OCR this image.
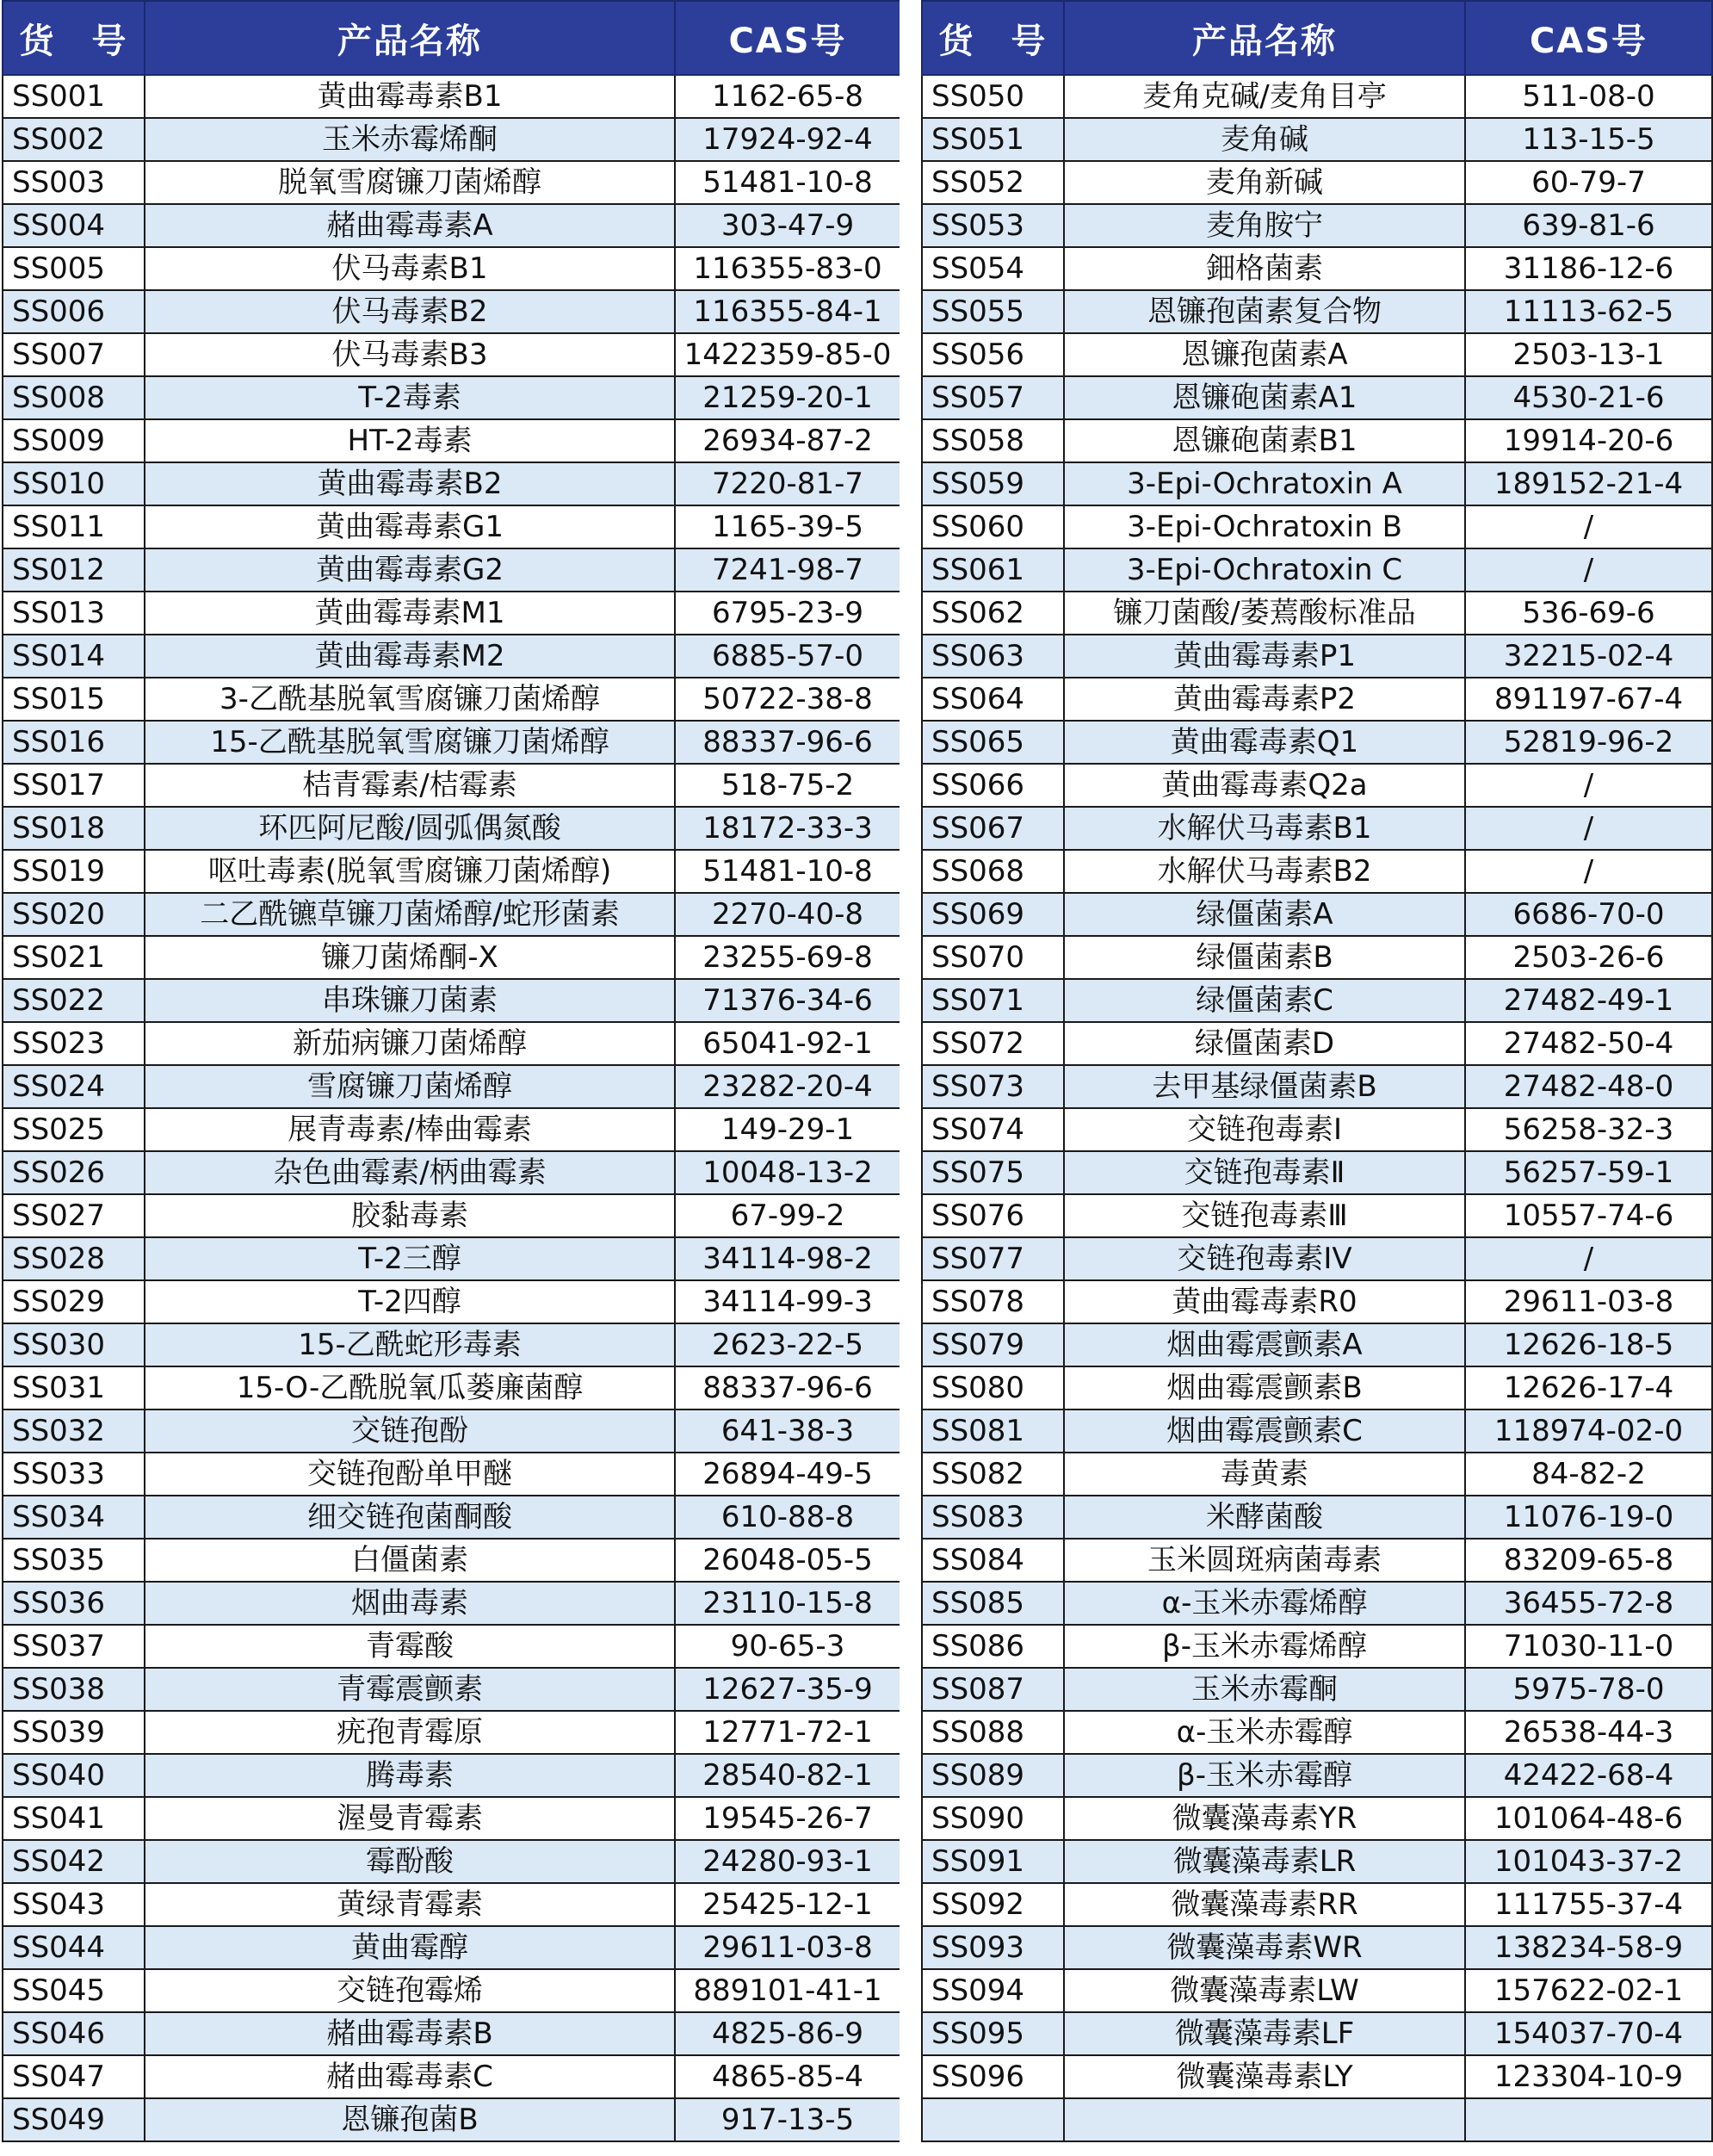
货　号	产品名称	CAS号
SS001	黄曲霉毒素B1	1162-65-8
SS002	玉米赤霉烯酮	17924-92-4
SS003	脱氧雪腐镰刀菌烯醇	51481-10-8
SS004	赭曲霉毒素A	303-47-9
SS005	伏马毒素B1	116355-83-0
SS006	伏马毒素B2	116355-84-1
SS007	伏马毒素B3	1422359-85-0
SS008	T-2毒素	21259-20-1
SS009	HT-2毒素	26934-87-2
SS010	黄曲霉毒素B2	7220-81-7
SS011	黄曲霉毒素G1	1165-39-5
SS012	黄曲霉毒素G2	7241-98-7
SS013	黄曲霉毒素M1	6795-23-9
SS014	黄曲霉毒素M2	6885-57-0
SS015	3-乙酰基脱氧雪腐镰刀菌烯醇	50722-38-8
SS016	15-乙酰基脱氧雪腐镰刀菌烯醇	88337-96-6
SS017	桔青霉素/桔霉素	518-75-2
SS018	环匹阿尼酸/圆弧偶氮酸	18172-33-3
SS019	呕吐毒素(脱氧雪腐镰刀菌烯醇)	51481-10-8
SS020	二乙酰镳草镰刀菌烯醇/蛇形菌素	2270-40-8
SS021	镰刀菌烯酮-X	23255-69-8
SS022	串珠镰刀菌素	71376-34-6
SS023	新茄病镰刀菌烯醇	65041-92-1
SS024	雪腐镰刀菌烯醇	23282-20-4
SS025	展青毒素/棒曲霉素	149-29-1
SS026	杂色曲霉素/柄曲霉素	10048-13-2
SS027	胶黏毒素	67-99-2
SS028	T-2三醇	34114-98-2
SS029	T-2四醇	34114-99-3
SS030	15-乙酰蛇形毒素	2623-22-5
SS031	15-O-乙酰脱氧瓜蒌廉菌醇	88337-96-6
SS032	交链孢酚	641-38-3
SS033	交链孢酚单甲醚	26894-49-5
SS034	细交链孢菌酮酸	610-88-8
SS035	白僵菌素	26048-05-5
SS036	烟曲毒素	23110-15-8
SS037	青霉酸	90-65-3
SS038	青霉震颤素	12627-35-9
SS039	疣孢青霉原	12771-72-1
SS040	腾毒素	28540-82-1
SS041	渥曼青霉素	19545-26-7
SS042	霉酚酸	24280-93-1
SS043	黄绿青霉素	25425-12-1
SS044	黄曲霉醇	29611-03-8
SS045	交链孢霉烯	889101-41-1
SS046	赭曲霉毒素B	4825-86-9
SS047	赭曲霉毒素C	4865-85-4
SS049	恩镰孢菌B	917-13-5
货　号	产品名称	CAS号
SS050	麦角克碱/麦角目亭	511-08-0
SS051	麦角碱	113-15-5
SS052	麦角新碱	60-79-7
SS053	麦角胺宁	639-81-6
SS054	鈿格菌素	31186-12-6
SS055	恩镰孢菌素复合物	11113-62-5
SS056	恩镰孢菌素A	2503-13-1
SS057	恩镰砲菌素A1	4530-21-6
SS058	恩镰砲菌素B1	19914-20-6
SS059	3-Epi-Ochratoxin A	189152-21-4
SS060	3-Epi-Ochratoxin B	/
SS061	3-Epi-Ochratoxin C	/
SS062	镰刀菌酸/萎蔫酸标准品	536-69-6
SS063	黄曲霉毒素P1	32215-02-4
SS064	黄曲霉毒素P2	891197-67-4
SS065	黄曲霉毒素Q1	52819-96-2
SS066	黄曲霉毒素Q2a	/
SS067	水解伏马毒素B1	/
SS068	水解伏马毒素B2	/
SS069	绿僵菌素A	6686-70-0
SS070	绿僵菌素B	2503-26-6
SS071	绿僵菌素C	27482-49-1
SS072	绿僵菌素D	27482-50-4
SS073	去甲基绿僵菌素B	27482-48-0
SS074	交链孢毒素Ⅰ	56258-32-3
SS075	交链孢毒素Ⅱ	56257-59-1
SS076	交链孢毒素Ⅲ	10557-74-6
SS077	交链孢毒素IV	/
SS078	黄曲霉毒素R0	29611-03-8
SS079	烟曲霉震颤素A	12626-18-5
SS080	烟曲霉震颤素B	12626-17-4
SS081	烟曲霉震颤素C	118974-02-0
SS082	毒黄素	84-82-2
SS083	米酵菌酸	11076-19-0
SS084	玉米圆斑病菌毒素	83209-65-8
SS085	α-玉米赤霉烯醇	36455-72-8
SS086	β-玉米赤霉烯醇	71030-11-0
SS087	玉米赤霉酮	5975-78-0
SS088	α-玉米赤霉醇	26538-44-3
SS089	β-玉米赤霉醇	42422-68-4
SS090	微囊藻毒素YR	101064-48-6
SS091	微囊藻毒素LR	101043-37-2
SS092	微囊藻毒素RR	111755-37-4
SS093	微囊藻毒素WR	138234-58-9
SS094	微囊藻毒素LW	157622-02-1
SS095	微囊藻毒素LF	154037-70-4
SS096	微囊藻毒素LY	123304-10-9
